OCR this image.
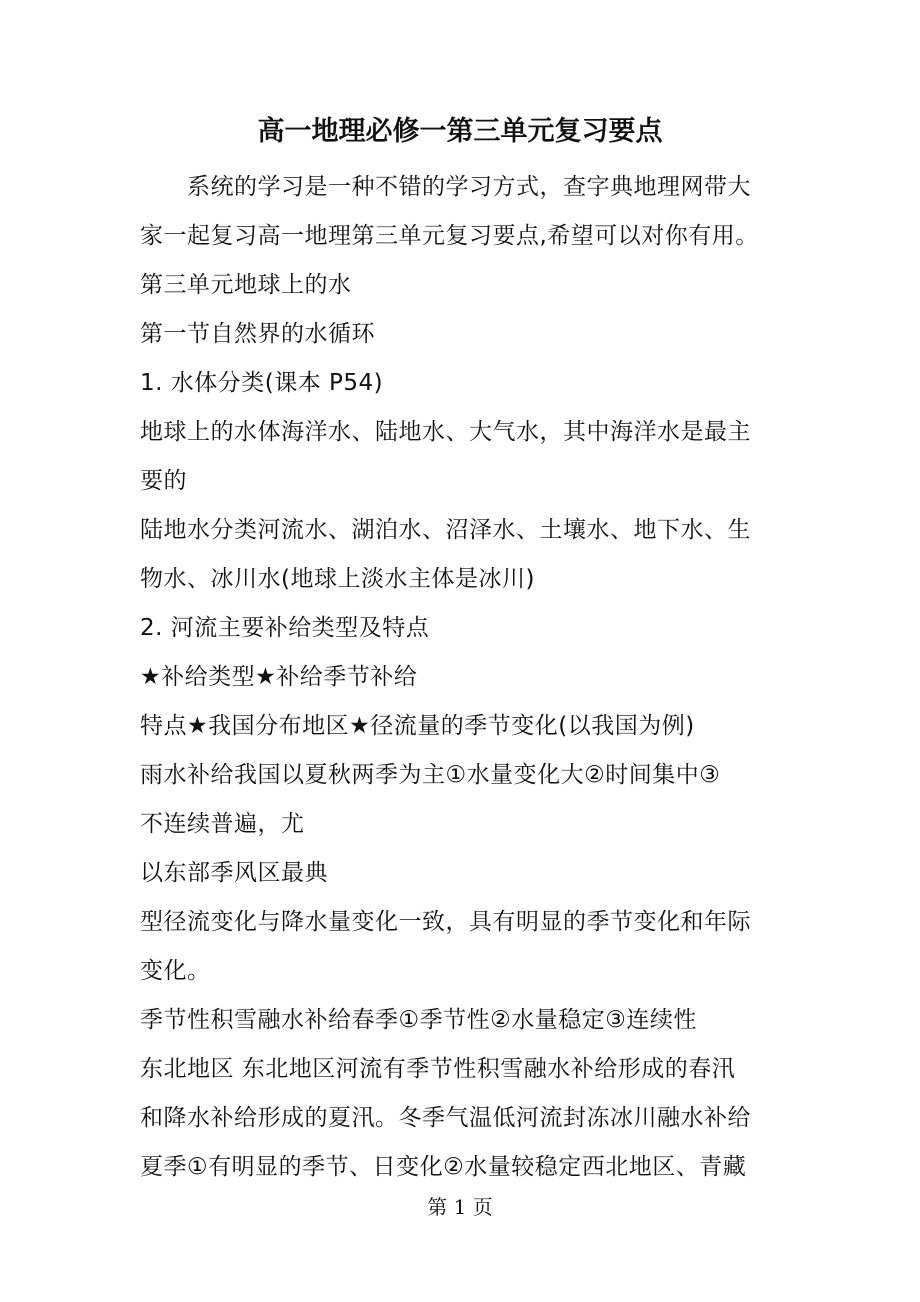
高一地理必修一第三单元复习要点
系统的学习是一种不错的学习方式，查字典地理网带大
家一起复习高一地理第三单元复习要点,希望可以对你有用。
第三单元地球上的水
第一节自然界的水循环
1. 水体分类(课本 P54)
地球上的水体海洋水、陆地水、大气水，其中海洋水是最主
要的
陆地水分类河流水、湖泊水、沼泽水、土壤水、地下水、生
物水、冰川水(地球上淡水主体是冰川)
2. 河流主要补给类型及特点
★补给类型★补给季节补给
特点★我国分布地区★径流量的季节变化(以我国为例)
雨水补给我国以夏秋两季为主①水量变化大②时间集中③
不连续普遍，尤
以东部季风区最典
型径流变化与降水量变化一致，具有明显的季节变化和年际
变化。
季节性积雪融水补给春季①季节性②水量稳定③连续性
东北地区 东北地区河流有季节性积雪融水补给形成的春汛
和降水补给形成的夏汛。冬季气温低河流封冻冰川融水补给
夏季①有明显的季节、日变化②水量较稳定西北地区、青藏
第 1 页
